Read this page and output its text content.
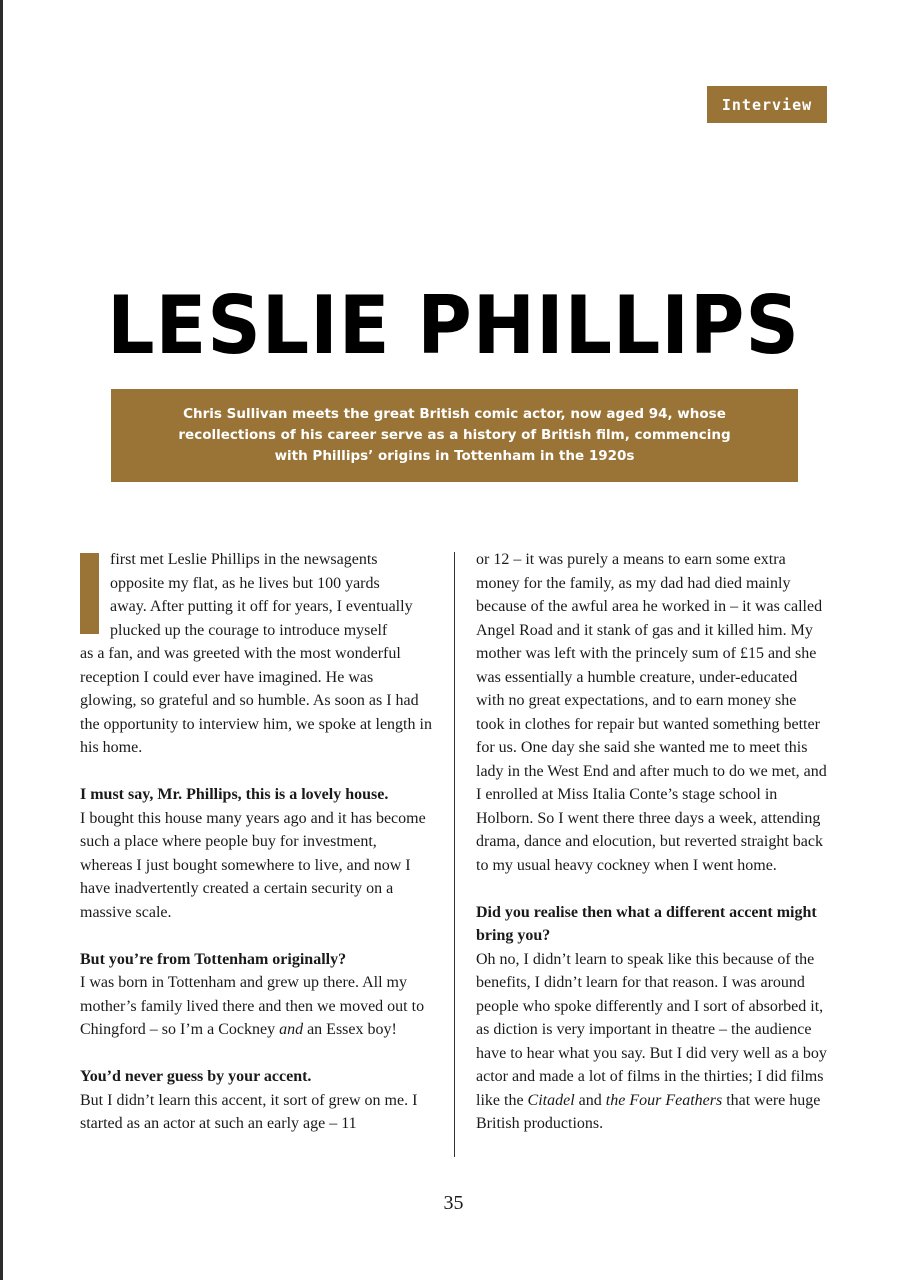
Interview
LESLIE PHILLIPS
Chris Sullivan meets the great British comic actor, now aged 94, whose recollections of his career serve as a history of British film, commencing with Phillips’ origins in Tottenham in the 1920s

first met Leslie Phillips in the newsagents
opposite my flat, as he lives but 100 yards
away. After putting it off for years, I eventually
plucked up the courage to introduce myself
as a fan, and was greeted with the most wonderful reception I could ever have imagined. He was glowing, so grateful and so humble. As soon as I had the opportunity to interview him, we spoke at length in his home.

I must say, Mr. Phillips, this is a lovely house.

I bought this house many years ago and it has become such a place where people buy for investment, whereas I just bought somewhere to live, and now I have inadvertently created a certain security on a massive scale.

But you’re from Tottenham originally?

I was born in Tottenham and grew up there. All my mother’s family lived there and then we moved out to Chingford – so I’m a Cockney and an Essex boy!

You’d never guess by your accent.

But I didn’t learn this accent, it sort of grew on me. I started as an actor at such an early age – 11

or 12 – it was purely a means to earn some extra money for the family, as my dad had died mainly because of the awful area he worked in – it was called Angel Road and it stank of gas and it killed him. My mother was left with the princely sum of £15 and she was essentially a humble creature, under-educated with no great expectations, and to earn money she took in clothes for repair but wanted something better for us. One day she said she wanted me to meet this lady in the West End and after much to do we met, and I enrolled at Miss Italia Conte’s stage school in Holborn. So I went there three days a week, attending drama, dance and elocution, but reverted straight back to my usual heavy cockney when I went home.

Did you realise then what a different accent might bring you?

Oh no, I didn’t learn to speak like this because of the benefits, I didn’t learn for that reason. I was around people who spoke differently and I sort of absorbed it, as diction is very important in theatre – the audience have to hear what you say. But I did very well as a boy actor and made a lot of films in the thirties; I did films like the Citadel and the Four Feathers that were huge British productions.

35
